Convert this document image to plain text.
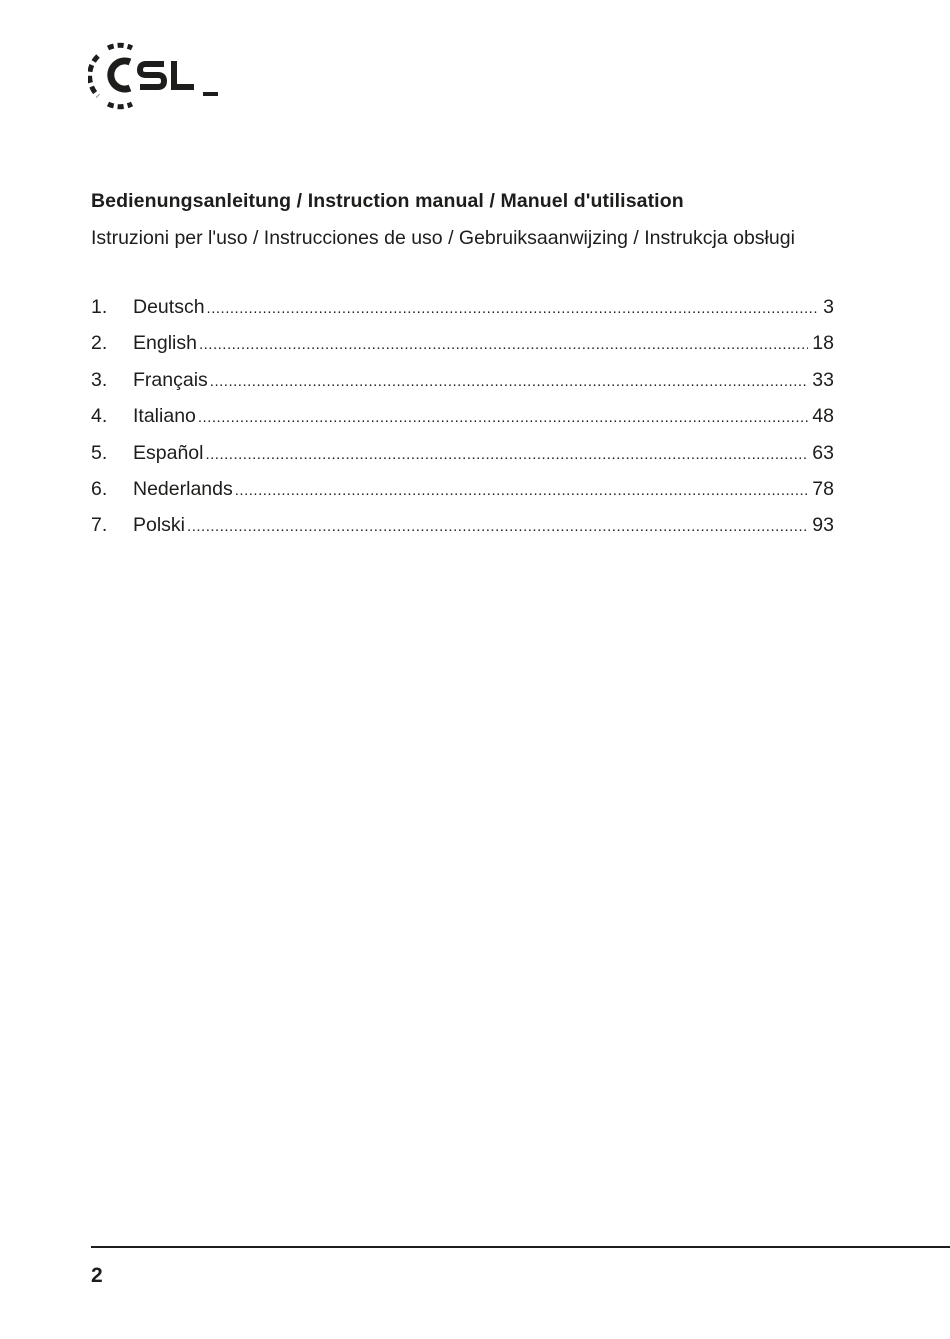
Bedienungsanleitung / Instruction manual / Manuel d'utilisation
Istruzioni per l'uso / Instrucciones de uso / Gebruiksaanwijzing / Instrukcja obsługi
1.	Deutsch .....	3
2.	English .....	18
3.	Français .....	33
4.	Italiano .....	48
5.	Español .....	63
6.	Nederlands .....	78
7.	Polski .....	93
2
